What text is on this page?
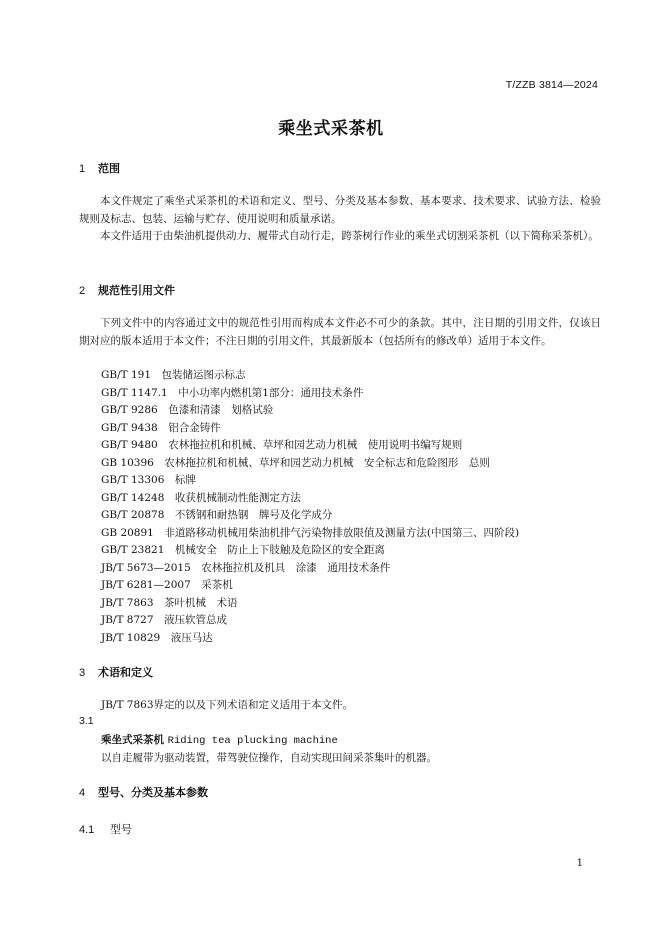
T/ZZB 3814—2024
乘坐式采茶机
1 范围
本文件规定了乘坐式采茶机的术语和定义、型号、分类及基本参数、基本要求、技术要求、试验方法、检验规则及标志、包装、运输与贮存、使用说明和质量承诺。
本文件适用于由柴油机提供动力、履带式自动行走，跨茶树行作业的乘坐式切割采茶机（以下简称采茶机）。
2 规范性引用文件
下列文件中的内容通过文中的规范性引用而构成本文件必不可少的条款。其中，注日期的引用文件，仅该日期对应的版本适用于本文件；不注日期的引用文件，其最新版本（包括所有的修改单）适用于本文件。
GB/T 191　包装储运图示标志
GB/T 1147.1　中小功率内燃机第1部分：通用技术条件
GB/T 9286　色漆和清漆　划格试验
GB/T 9438　铝合金铸件
GB/T 9480　农林拖拉机和机械、草坪和园艺动力机械　使用说明书编写规则
GB 10396　农林拖拉机和机械、草坪和园艺动力机械　安全标志和危险图形　总则
GB/T 13306　标牌
GB/T 14248　收获机械制动性能测定方法
GB/T 20878　不锈钢和耐热钢　牌号及化学成分
GB 20891　非道路移动机械用柴油机排气污染物排放限值及测量方法(中国第三、四阶段)
GB/T 23821　机械安全　防止上下肢触及危险区的安全距离
JB/T 5673—2015　农林拖拉机及机具　涂漆　通用技术条件
JB/T 6281—2007　采茶机
JB/T 7863　茶叶机械　术语
JB/T 8727　液压软管总成
JB/T 10829　液压马达
3 术语和定义
JB/T 7863界定的以及下列术语和定义适用于本文件。
3.1
乘坐式采茶机 Riding tea plucking machine
以自走履带为驱动装置，带驾驶位操作，自动实现田间采茶集叶的机器。
4 型号、分类及基本参数
4.1 型号
1
